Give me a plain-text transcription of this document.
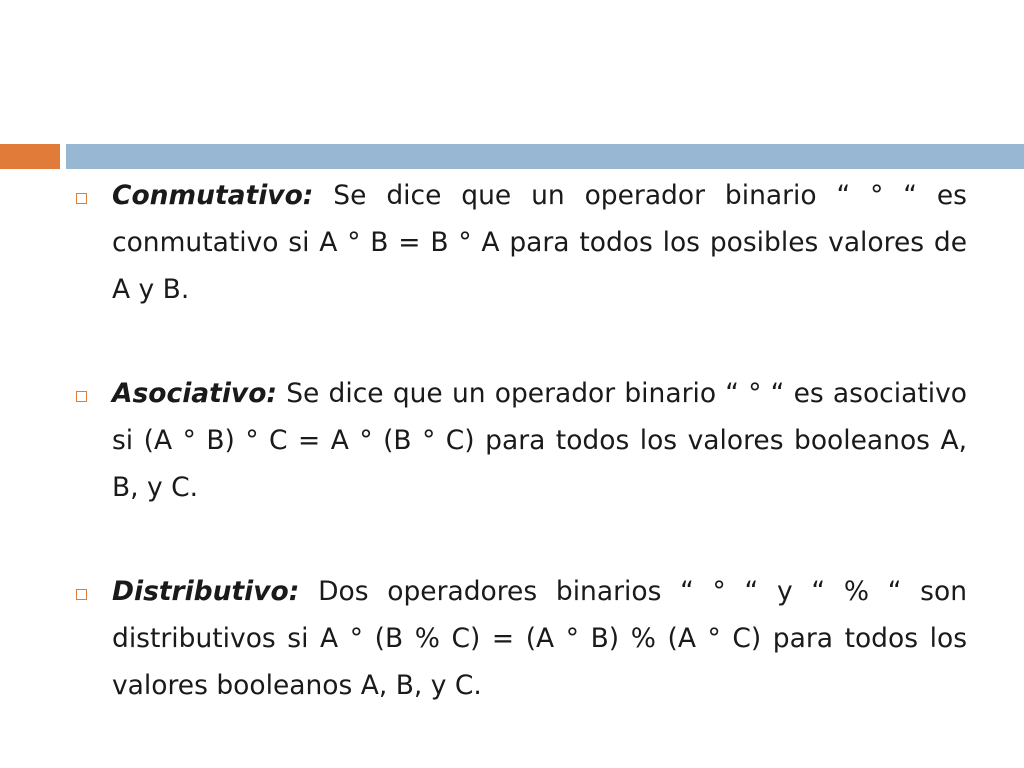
Conmutativo: Se dice que un operador binario “ ° “ es conmutativo si A ° B = B ° A para todos los posibles valores de A y B.

Asociativo: Se dice que un operador binario “ ° “ es asociativo si (A ° B) ° C = A ° (B ° C) para todos los valores booleanos A, B, y C.

Distributivo: Dos operadores binarios “ ° “ y “ % “ son distributivos si A ° (B % C) = (A ° B) % (A ° C) para todos los valores booleanos A, B, y C.
